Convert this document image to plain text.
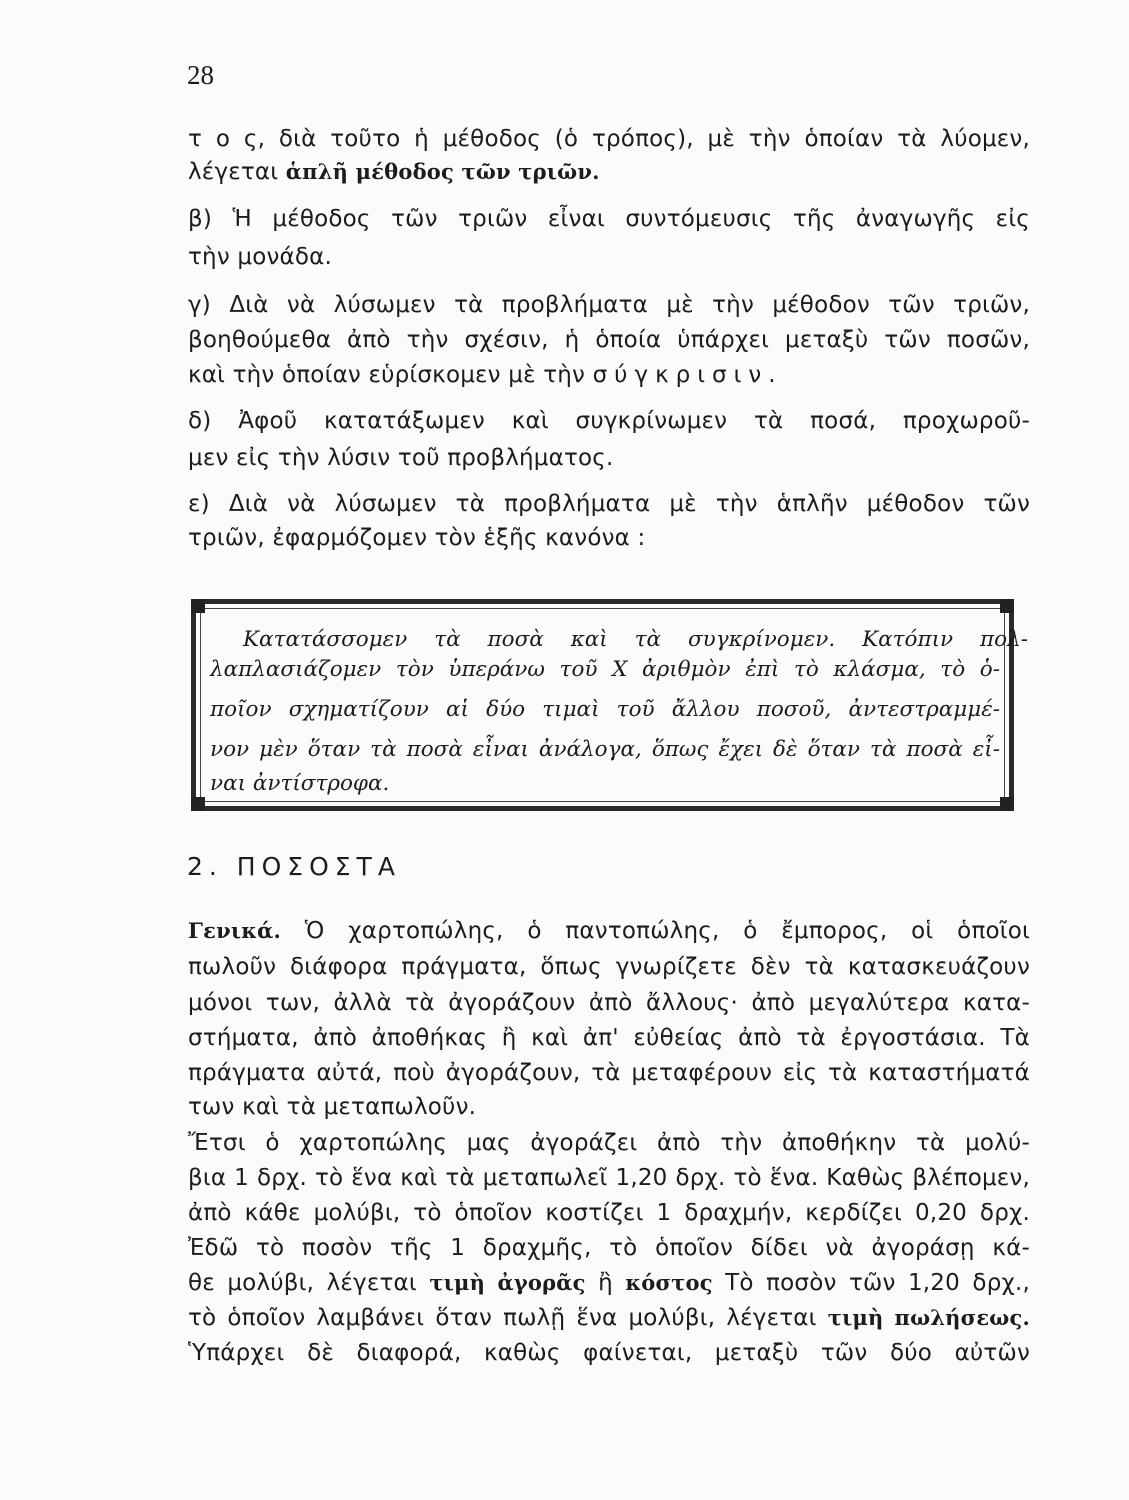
28
τ ο ς, διὰ τοῦτο ἡ μέθοδος (ὁ τρόπος), μὲ τὴν ὁποίαν τὰ λύομεν,
λέγεται ἁπλῆ μέθοδος τῶν τριῶν.
β) Ἡ μέθοδος τῶν τριῶν εἶναι συντόμευσις τῆς ἀναγωγῆς εἰς
τὴν μονάδα.
γ) Διὰ νὰ λύσωμεν τὰ προβλήματα μὲ τὴν μέθοδον τῶν τριῶν,
βοηθούμεθα ἀπὸ τὴν σχέσιν, ἡ ὁποία ὑπάρχει μεταξὺ τῶν ποσῶν,
καὶ τὴν ὁποίαν εὑρίσκομεν μὲ τὴν σύγκρισιν.
δ) Ἀφοῦ κατατάξωμεν καὶ συγκρίνωμεν τὰ ποσά, προχωροῦ-
μεν εἰς τὴν λύσιν τοῦ προβλήματος.
ε) Διὰ νὰ λύσωμεν τὰ προβλήματα μὲ τὴν ἁπλῆν μέθοδον τῶν
τριῶν, ἐφαρμόζομεν τὸν ἑξῆς κανόνα :
Κατατάσσομεν τὰ ποσὰ καὶ τὰ συγκρίνομεν. Κατόπιν πολ-
λαπλασιάζομεν τὸν ὑπεράνω τοῦ Χ ἀριθμὸν ἐπὶ τὸ κλάσμα, τὸ ὁ-
ποῖον σχηματίζουν αἱ δύο τιμαὶ τοῦ ἄλλου ποσοῦ, ἀντεστραμμέ-
νον μὲν ὅταν τὰ ποσὰ εἶναι ἀνάλογα, ὅπως ἔχει δὲ ὅταν τὰ ποσὰ εἶ-
ναι ἀντίστροφα.
2. ΠΟΣΟΣΤΑ
Γενικά. Ὁ χαρτοπώλης, ὁ παντοπώλης, ὁ ἔμπορος, οἱ ὁποῖοι
πωλοῦν διάφορα πράγματα, ὅπως γνωρίζετε δὲν τὰ κατασκευάζουν
μόνοι των, ἀλλὰ τὰ ἀγοράζουν ἀπὸ ἄλλους· ἀπὸ μεγαλύτερα κατα-
στήματα, ἀπὸ ἀποθήκας ἢ καὶ ἀπ' εὐθείας ἀπὸ τὰ ἐργοστάσια. Τὰ
πράγματα αὐτά, ποὺ ἀγοράζουν, τὰ μεταφέρουν εἰς τὰ καταστήματά
των καὶ τὰ μεταπωλοῦν.
Ἔτσι ὁ χαρτοπώλης μας ἀγοράζει ἀπὸ τὴν ἀποθήκην τὰ μολύ-
βια 1 δρχ. τὸ ἕνα καὶ τὰ μεταπωλεῖ 1,20 δρχ. τὸ ἕνα. Καθὼς βλέπομεν,
ἀπὸ κάθε μολύβι, τὸ ὁποῖον κοστίζει 1 δραχμήν, κερδίζει 0,20 δρχ.
Ἐδῶ τὸ ποσὸν τῆς 1 δραχμῆς, τὸ ὁποῖον δίδει νὰ ἀγοράσῃ κά-
θε μολύβι, λέγεται τιμὴ ἀγορᾶς ἢ κόστος Τὸ ποσὸν τῶν 1,20 δρχ.,
τὸ ὁποῖον λαμβάνει ὅταν πωλῇ ἕνα μολύβι, λέγεται τιμὴ πωλήσεως.
Ὑπάρχει δὲ διαφορά, καθὼς φαίνεται, μεταξὺ τῶν δύο αὐτῶν
